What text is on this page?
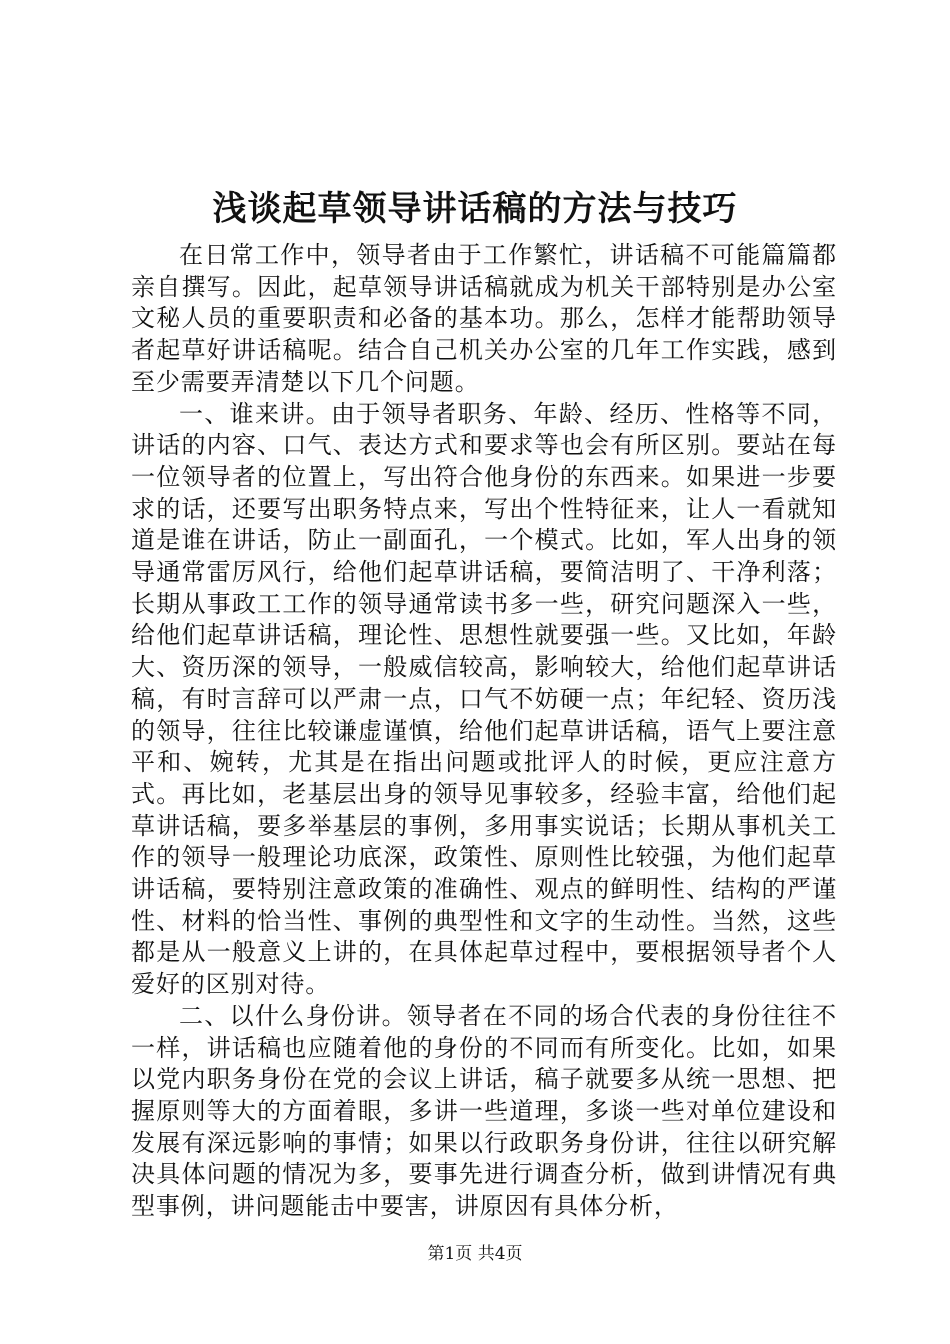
浅谈起草领导讲话稿的方法与技巧

在日常工作中，领导者由于工作繁忙，讲话稿不可能篇篇都亲自撰写。因此，起草领导讲话稿就成为机关干部特别是办公室文秘人员的重要职责和必备的基本功。那么，怎样才能帮助领导者起草好讲话稿呢。结合自己机关办公室的几年工作实践，感到至少需要弄清楚以下几个问题。

一、谁来讲。由于领导者职务、年龄、经历、性格等不同，讲话的内容、口气、表达方式和要求等也会有所区别。要站在每一位领导者的位置上，写出符合他身份的东西来。如果进一步要求的话，还要写出职务特点来，写出个性特征来，让人一看就知道是谁在讲话，防止一副面孔，一个模式。比如，军人出身的领导通常雷厉风行，给他们起草讲话稿，要简洁明了、干净利落；长期从事政工工作的领导通常读书多一些，研究问题深入一些，给他们起草讲话稿，理论性、思想性就要强一些。又比如，年龄大、资历深的领导，一般威信较高，影响较大，给他们起草讲话稿，有时言辞可以严肃一点，口气不妨硬一点；年纪轻、资历浅的领导，往往比较谦虚谨慎，给他们起草讲话稿，语气上要注意平和、婉转，尤其是在指出问题或批评人的时候，更应注意方式。再比如，老基层出身的领导见事较多，经验丰富，给他们起草讲话稿，要多举基层的事例，多用事实说话；长期从事机关工作的领导一般理论功底深，政策性、原则性比较强，为他们起草讲话稿，要特别注意政策的准确性、观点的鲜明性、结构的严谨性、材料的恰当性、事例的典型性和文字的生动性。当然，这些都是从一般意义上讲的，在具体起草过程中，要根据领导者个人爱好的区别对待。

二、以什么身份讲。领导者在不同的场合代表的身份往往不一样，讲话稿也应随着他的身份的不同而有所变化。比如，如果以党内职务身份在党的会议上讲话，稿子就要多从统一思想、把握原则等大的方面着眼，多讲一些道理，多谈一些对单位建设和发展有深远影响的事情；如果以行政职务身份讲，往往以研究解决具体问题的情况为多，要事先进行调查分析，做到讲情况有典型事例，讲问题能击中要害，讲原因有具体分析，

第1页 共4页
